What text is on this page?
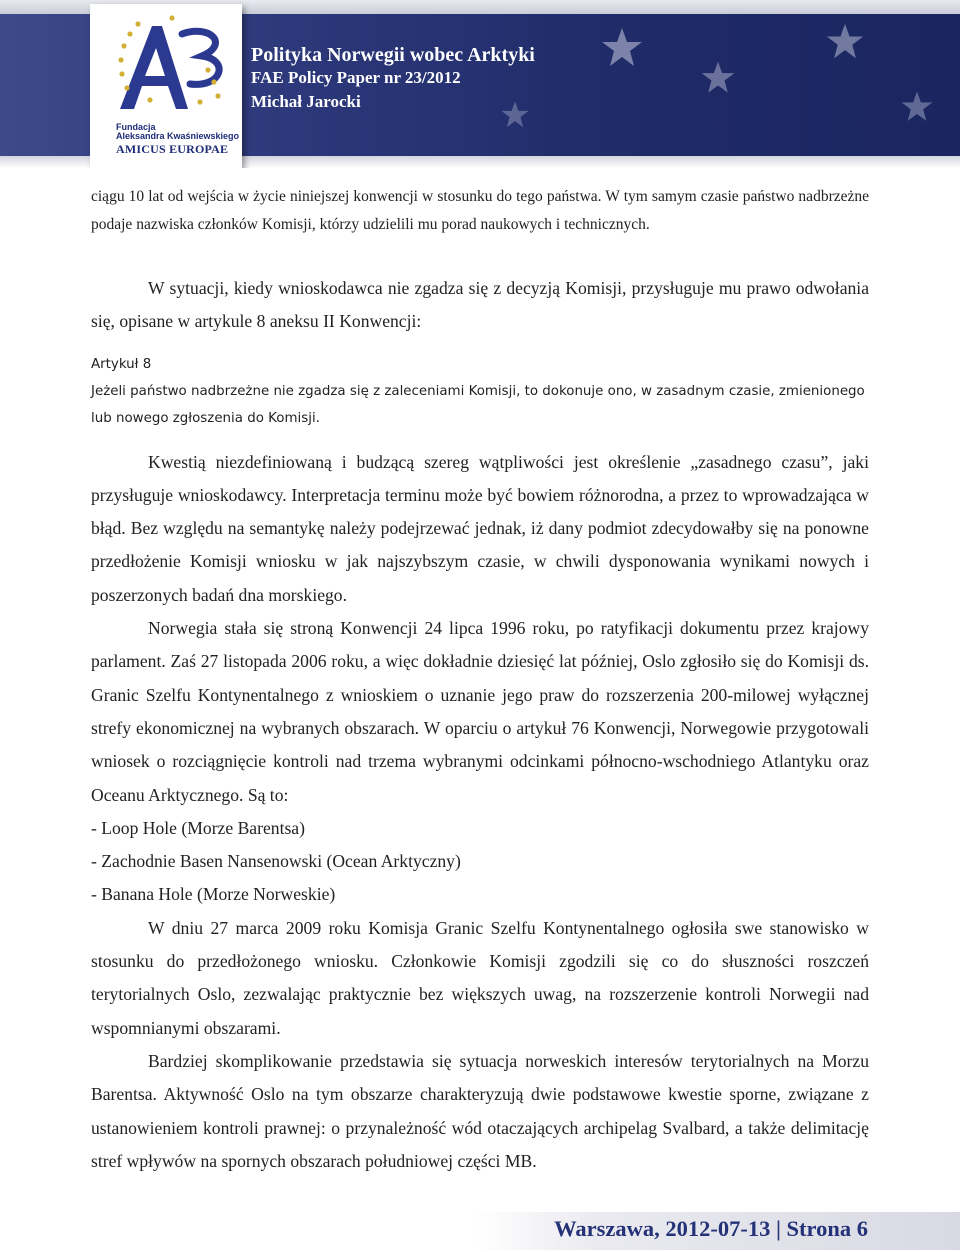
Fundacja
Aleksandra Kwaśniewskiego
AMICUS EUROPAE
Polityka Norwegii wobec Arktyki
FAE Policy Paper nr 23/2012
Michał Jarocki

ciągu 10 lat od wejścia w życie niniejszej konwencji w stosunku do tego państwa. W tym samym czasie państwo nadbrzeżne podaje nazwiska członków Komisji, którzy udzielili mu porad naukowych i technicznych.

W sytuacji, kiedy wnioskodawca nie zgadza się z decyzją Komisji, przysługuje mu prawo odwołania się, opisane w artykule 8 aneksu II Konwencji:

Artykuł 8

Jeżeli państwo nadbrzeżne nie zgadza się z zaleceniami Komisji, to dokonuje ono, w zasadnym czasie, zmienionego lub nowego zgłoszenia do Komisji.

Kwestią niezdefiniowaną i budzącą szereg wątpliwości jest określenie „zasadnego czasu”, jaki przysługuje wnioskodawcy. Interpretacja terminu może być bowiem różnorodna, a przez to wprowadzająca w błąd. Bez względu na semantykę należy podejrzewać jednak, iż dany podmiot zdecydowałby się na ponowne przedłożenie Komisji wniosku w jak najszybszym czasie, w chwili dysponowania wynikami nowych i poszerzonych badań dna morskiego.

Norwegia stała się stroną Konwencji 24 lipca 1996 roku, po ratyfikacji dokumentu przez krajowy parlament. Zaś 27 listopada 2006 roku, a więc dokładnie dziesięć lat później, Oslo zgłosiło się do Komisji ds. Granic Szelfu Kontynentalnego z wnioskiem o uznanie jego praw do rozszerzenia 200-milowej wyłącznej strefy ekonomicznej na wybranych obszarach. W oparciu o artykuł 76 Konwencji, Norwegowie przygotowali wniosek o rozciągnięcie kontroli nad trzema wybranymi odcinkami północno-wschodniego Atlantyku oraz Oceanu Arktycznego. Są to:

- Loop Hole (Morze Barentsa)

- Zachodnie Basen Nansenowski (Ocean Arktyczny)

- Banana Hole (Morze Norweskie)

W dniu 27 marca 2009 roku Komisja Granic Szelfu Kontynentalnego ogłosiła swe stanowisko w stosunku do przedłożonego wniosku. Członkowie Komisji zgodzili się co do słuszności roszczeń terytorialnych Oslo, zezwalając praktycznie bez większych uwag, na rozszerzenie kontroli Norwegii nad wspomnianymi obszarami.

Bardziej skomplikowanie przedstawia się sytuacja norweskich interesów terytorialnych na Morzu Barentsa. Aktywność Oslo na tym obszarze charakteryzują dwie podstawowe kwestie sporne, związane z ustanowieniem kontroli prawnej: o przynależność wód otaczających archipelag Svalbard, a także delimitację stref wpływów na spornych obszarach południowej części MB.

Warszawa, 2012-07-13 | Strona 6
